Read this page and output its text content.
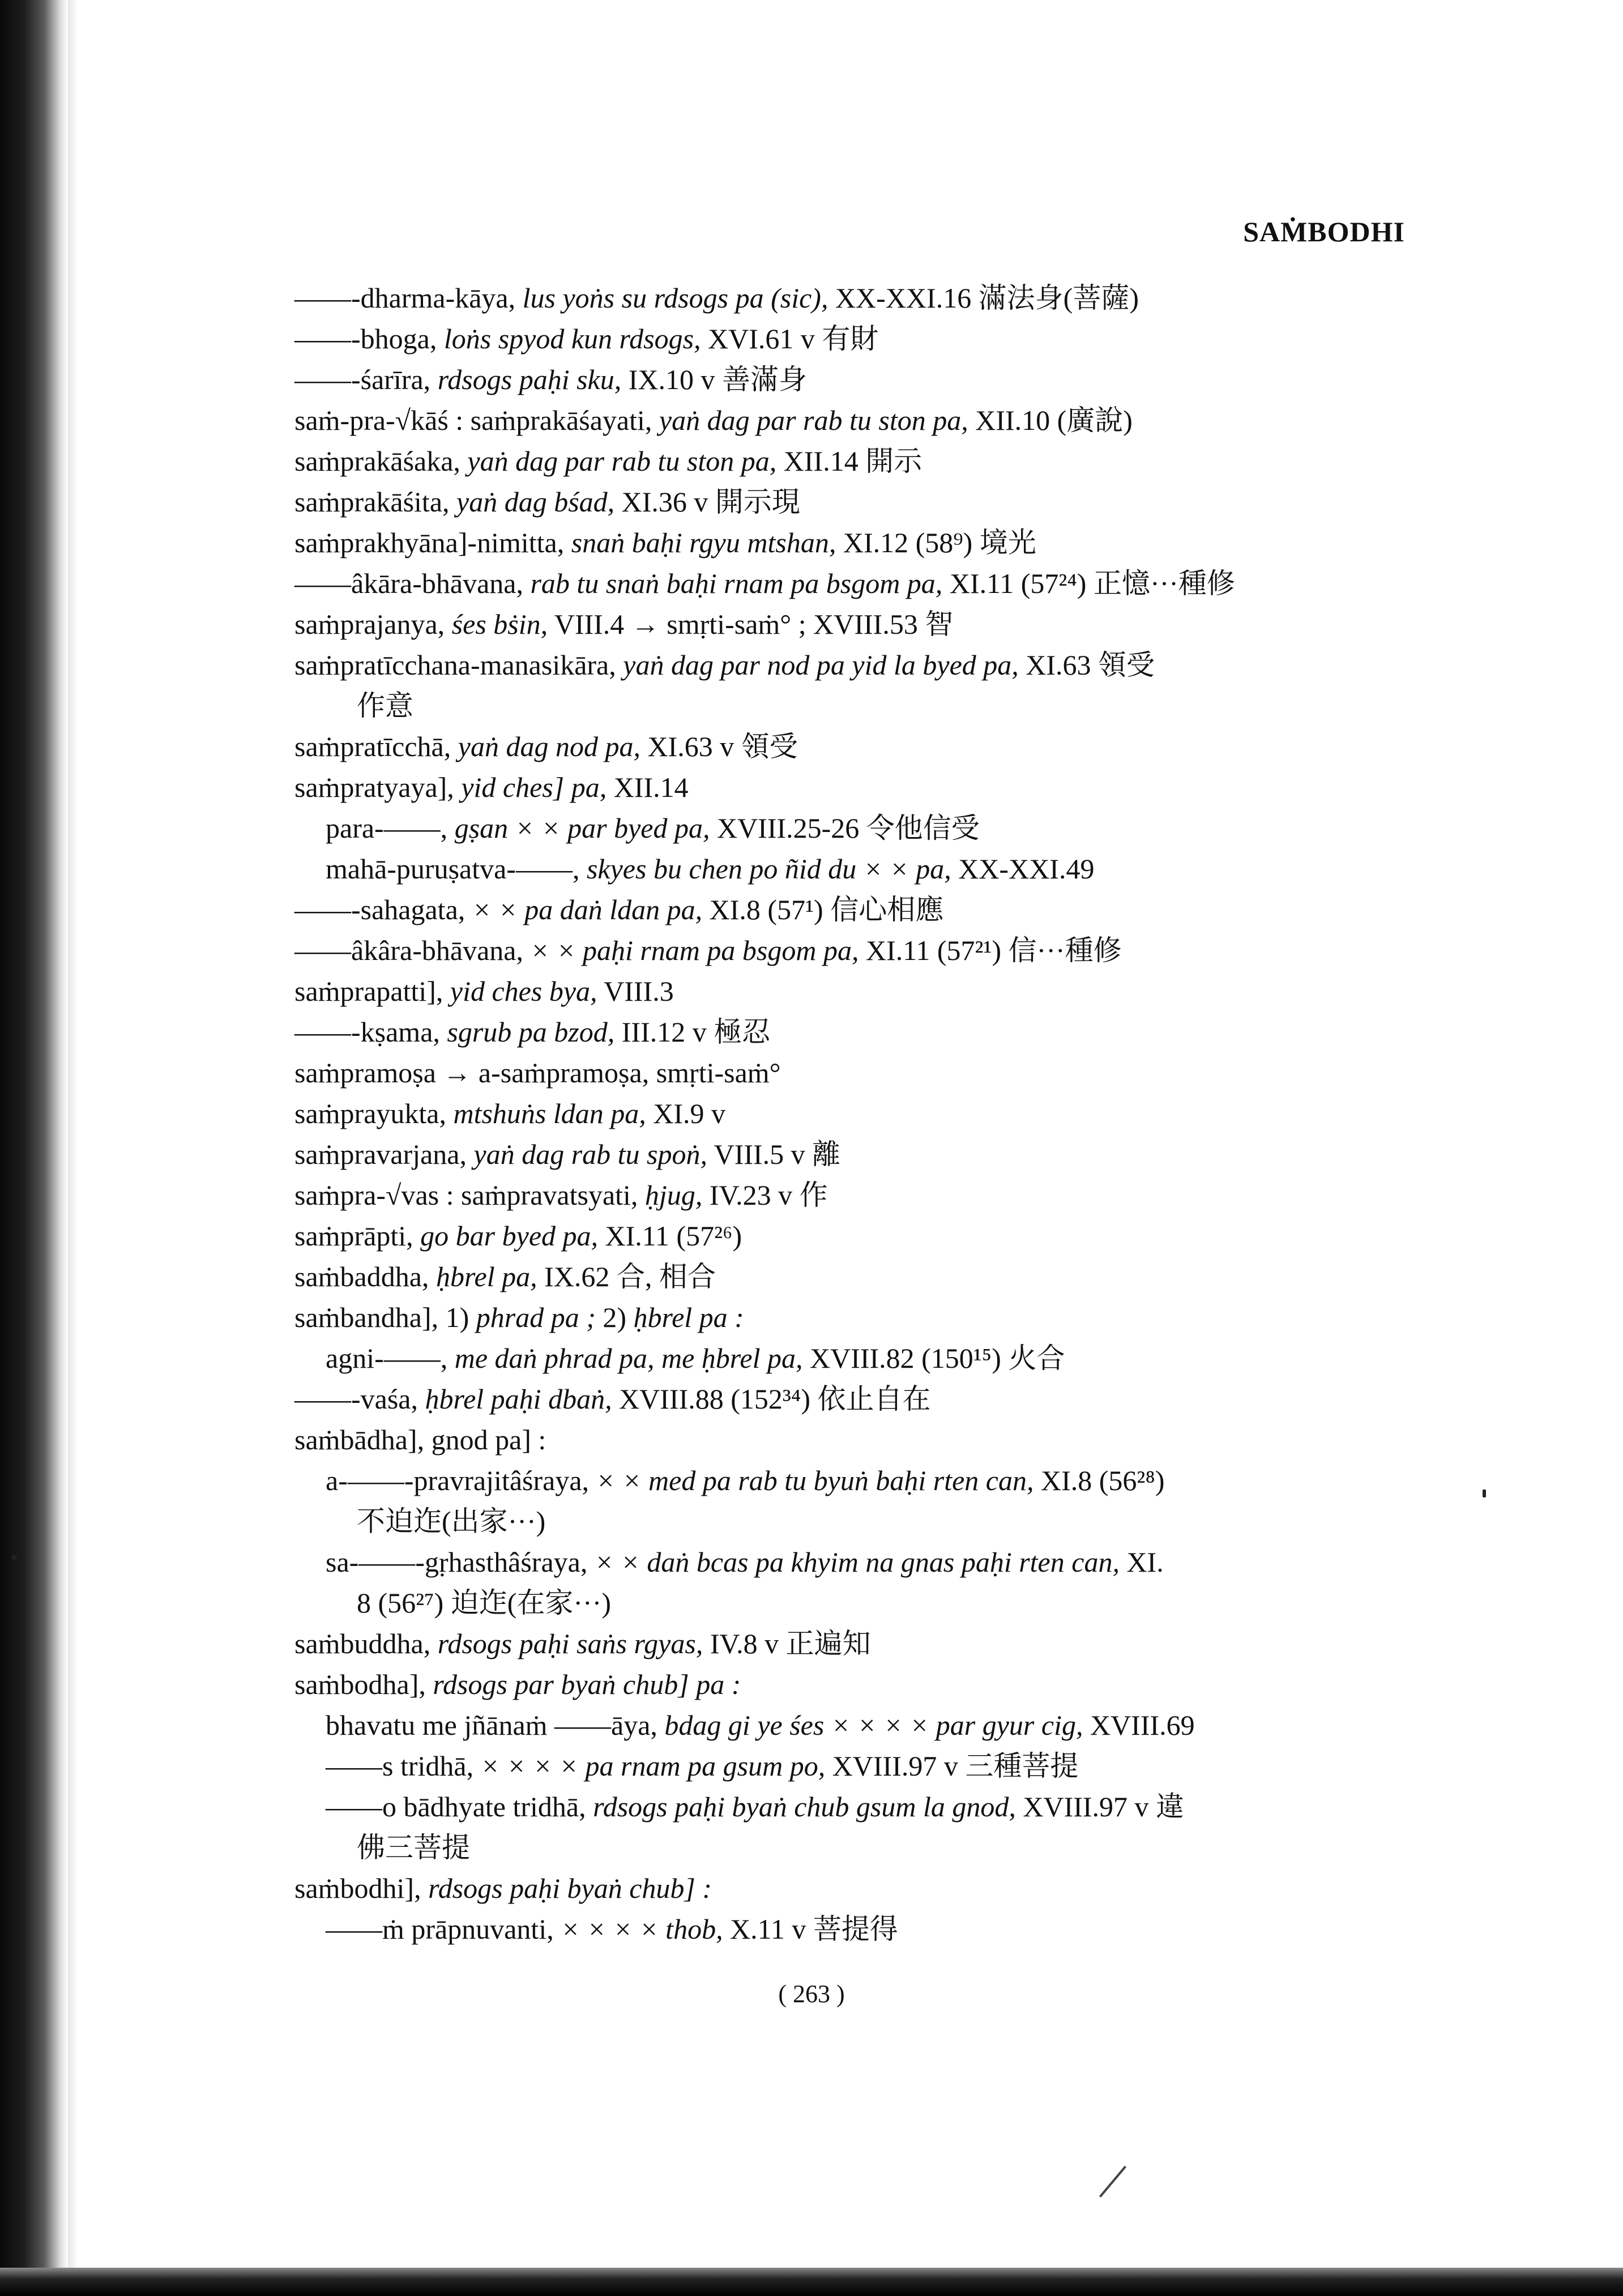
SAṀBODHI

——-dharma-kāya, lus yoṅs su rdsogs pa (sic), XX-XXI.16 滿法身(菩薩)

——-bhoga, loṅs spyod kun rdsogs, XVI.61 v 有財

——-śarīra, rdsogs paḥi sku, IX.10 v 善滿身

saṁ-pra-√kāś : saṁprakāśayati, yaṅ dag par rab tu ston pa, XII.10 (廣說)

saṁprakāśaka, yaṅ dag par rab tu ston pa, XII.14 開示

saṁprakāśita, yaṅ dag bśad, XI.36 v 開示現

saṁprakhyāna]-nimitta, snaṅ baḥi rgyu mtshan, XI.12 (58⁹) 境光

——âkāra-bhāvana, rab tu snaṅ baḥi rnam pa bsgom pa, XI.11 (57²⁴) 正憶···種修

saṁprajanya, śes bṡin, VIII.4 → smṛti-saṁ° ; XVIII.53 智

saṁpratīcchana-manasikāra, yaṅ dag par nod pa yid la byed pa, XI.63 領受

作意

saṁpratīcchā, yaṅ dag nod pa, XI.63 v 領受

saṁpratyaya], yid ches] pa, XII.14

para-——, gṣan × × par byed pa, XVIII.25-26 令他信受

mahā-puruṣatva-——, skyes bu chen po ñid du × × pa, XX-XXI.49

——-sahagata, × × pa daṅ ldan pa, XI.8 (57¹) 信心相應

——âkâra-bhāvana, × × paḥi rnam pa bsgom pa, XI.11 (57²¹) 信···種修

saṁprapatti], yid ches bya, VIII.3

——-kṣama, sgrub pa bzod, III.12 v 極忍

saṁpramoṣa → a-saṁpramoṣa, smṛti-saṁ°

saṁprayukta, mtshuṅs ldan pa, XI.9 v

saṁpravarjana, yaṅ dag rab tu spoṅ, VIII.5 v 離

saṁpra-√vas : saṁpravatsyati, ḥjug, IV.23 v 作

saṁprāpti, go bar byed pa, XI.11 (57²⁶)

saṁbaddha, ḥbrel pa, IX.62 合, 相合

saṁbandha], 1) phrad pa ; 2) ḥbrel pa :

agni-——, me daṅ phrad pa, me ḥbrel pa, XVIII.82 (150¹⁵) 火合

——-vaśa, ḥbrel paḥi dbaṅ, XVIII.88 (152³⁴) 依止自在

saṁbādha], gnod pa] :

a-——-pravrajitâśraya, × × med pa rab tu byuṅ baḥi rten can, XI.8 (56²⁸)

不迫迮(出家···)

sa-——-gṛhasthâśraya, × × daṅ bcas pa khyim na gnas paḥi rten can, XI.

8 (56²⁷) 迫迮(在家···)

saṁbuddha, rdsogs paḥi saṅs rgyas, IV.8 v 正遍知

saṁbodha], rdsogs par byaṅ chub] pa :

bhavatu me jñānaṁ ——āya, bdag gi ye śes × × × × par gyur cig, XVIII.69

——s tridhā, × × × × pa rnam pa gsum po, XVIII.97 v 三種菩提

——o bādhyate tridhā, rdsogs paḥi byaṅ chub gsum la gnod, XVIII.97 v 違

佛三菩提

saṁbodhi], rdsogs paḥi byaṅ chub] :

——ṁ prāpnuvanti, × × × × thob, X.11 v 菩提得

( 263 )
